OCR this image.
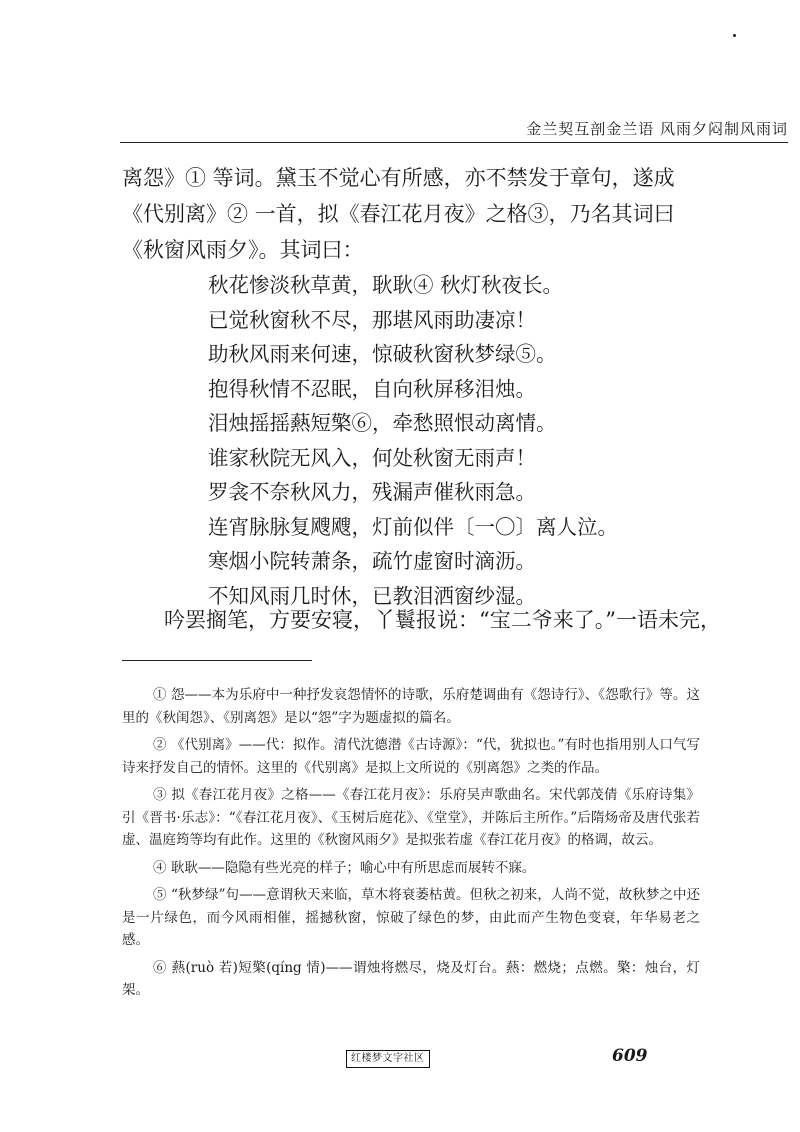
金兰契互剖金兰语 风雨夕闷制风雨词

离怨》① 等词。黛玉不觉心有所感，亦不禁发于章句，遂成《代别离》② 一首，拟《春江花月夜》之格③，乃名其词曰《秋窗风雨夕》。其词曰：

秋花惨淡秋草黄，耿耿④ 秋灯秋夜长。
已觉秋窗秋不尽，那堪风雨助凄凉！
助秋风雨来何速，惊破秋窗秋梦绿⑤。
抱得秋情不忍眠，自向秋屏移泪烛。
泪烛摇摇爇短檠⑥，牵愁照恨动离情。
谁家秋院无风入，何处秋窗无雨声！
罗衾不奈秋风力，残漏声催秋雨急。
连宵脉脉复飕飕，灯前似伴〔一〇〕离人泣。
寒烟小院转萧条，疏竹虚窗时滴沥。
不知风雨几时休，已教泪洒窗纱湿。
吟罢搁笔，方要安寝，丫鬟报说：“宝二爷来了。”一语未完，

① 怨——本为乐府中一种抒发哀怨情怀的诗歌，乐府楚调曲有《怨诗行》、《怨歌行》等。这里的《秋闺怨》、《别离怨》是以“怨”字为题虚拟的篇名。

② 《代别离》——代：拟作。清代沈德潜《古诗源》：“代，犹拟也。”有时也指用别人口气写诗来抒发自己的情怀。这里的《代别离》是拟上文所说的《别离怨》之类的作品。

③ 拟《春江花月夜》之格——《春江花月夜》：乐府吴声歌曲名。宋代郭茂倩《乐府诗集》引《晋书·乐志》：“《春江花月夜》、《玉树后庭花》、《堂堂》，并陈后主所作。”后隋炀帝及唐代张若虚、温庭筠等均有此作。这里的《秋窗风雨夕》是拟张若虚《春江花月夜》的格调，故云。

④ 耿耿——隐隐有些光亮的样子；喻心中有所思虑而展转不寐。

⑤ “秋梦绿”句——意谓秋天来临，草木将衰萎枯黄。但秋之初来，人尚不觉，故秋梦之中还是一片绿色，而今风雨相催，摇撼秋窗，惊破了绿色的梦，由此而产生物色变衰，年华易老之感。

⑥ 爇(ruò 若)短檠(qíng 情)——谓烛将燃尽，烧及灯台。爇：燃烧；点燃。檠：烛台，灯架。

红楼梦文字社区	609
